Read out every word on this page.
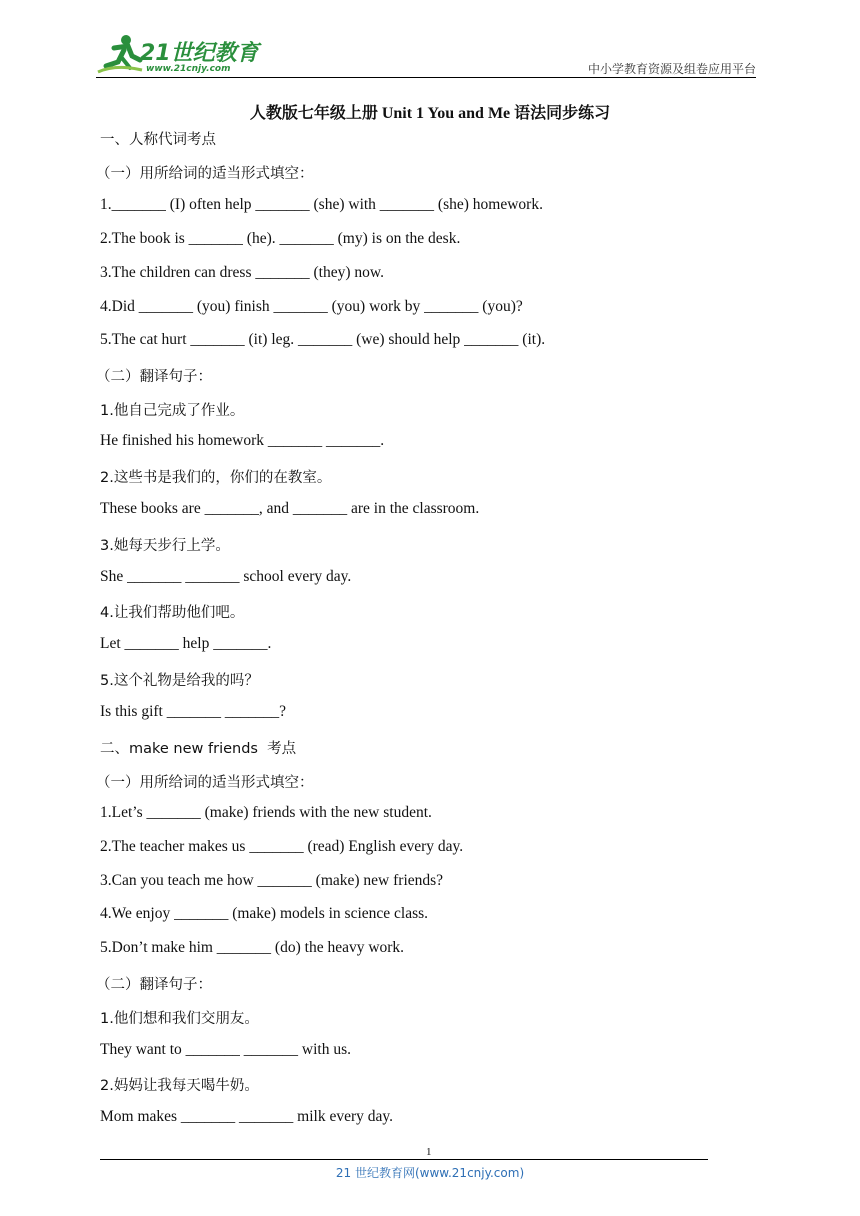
21世纪教育
www.21cnjy.com	中小学教育资源及组卷应用平台
人教版七年级上册 Unit 1 You and Me 语法同步练习
一、人称代词考点
（一）用所给词的适当形式填空：
1._______ (I) often help _______ (she) with _______ (she) homework.
2.The book is _______ (he). _______ (my) is on the desk.
3.The children can dress _______ (they) now.
4.Did _______ (you) finish _______ (you) work by _______ (you)?
5.The cat hurt _______ (it) leg. _______ (we) should help _______ (it).
（二）翻译句子：
1.他自己完成了作业。
He finished his homework _______ _______.
2.这些书是我们的，你们的在教室。
These books are _______, and _______ are in the classroom.
3.她每天步行上学。
She _______ _______ school every day.
4.让我们帮助他们吧。
Let _______ help _______.
5.这个礼物是给我的吗？
Is this gift _______ _______?
二、make new friends  考点
（一）用所给词的适当形式填空：
1.Let’s _______ (make) friends with the new student.
2.The teacher makes us _______ (read) English every day.
3.Can you teach me how _______ (make) new friends?
4.We enjoy _______ (make) models in science class.
5.Don’t make him _______ (do) the heavy work.
（二）翻译句子：
1.他们想和我们交朋友。
They want to _______ _______ with us.
2.妈妈让我每天喝牛奶。
Mom makes _______ _______ milk every day.
1
21 世纪教育网(www.21cnjy.com)
